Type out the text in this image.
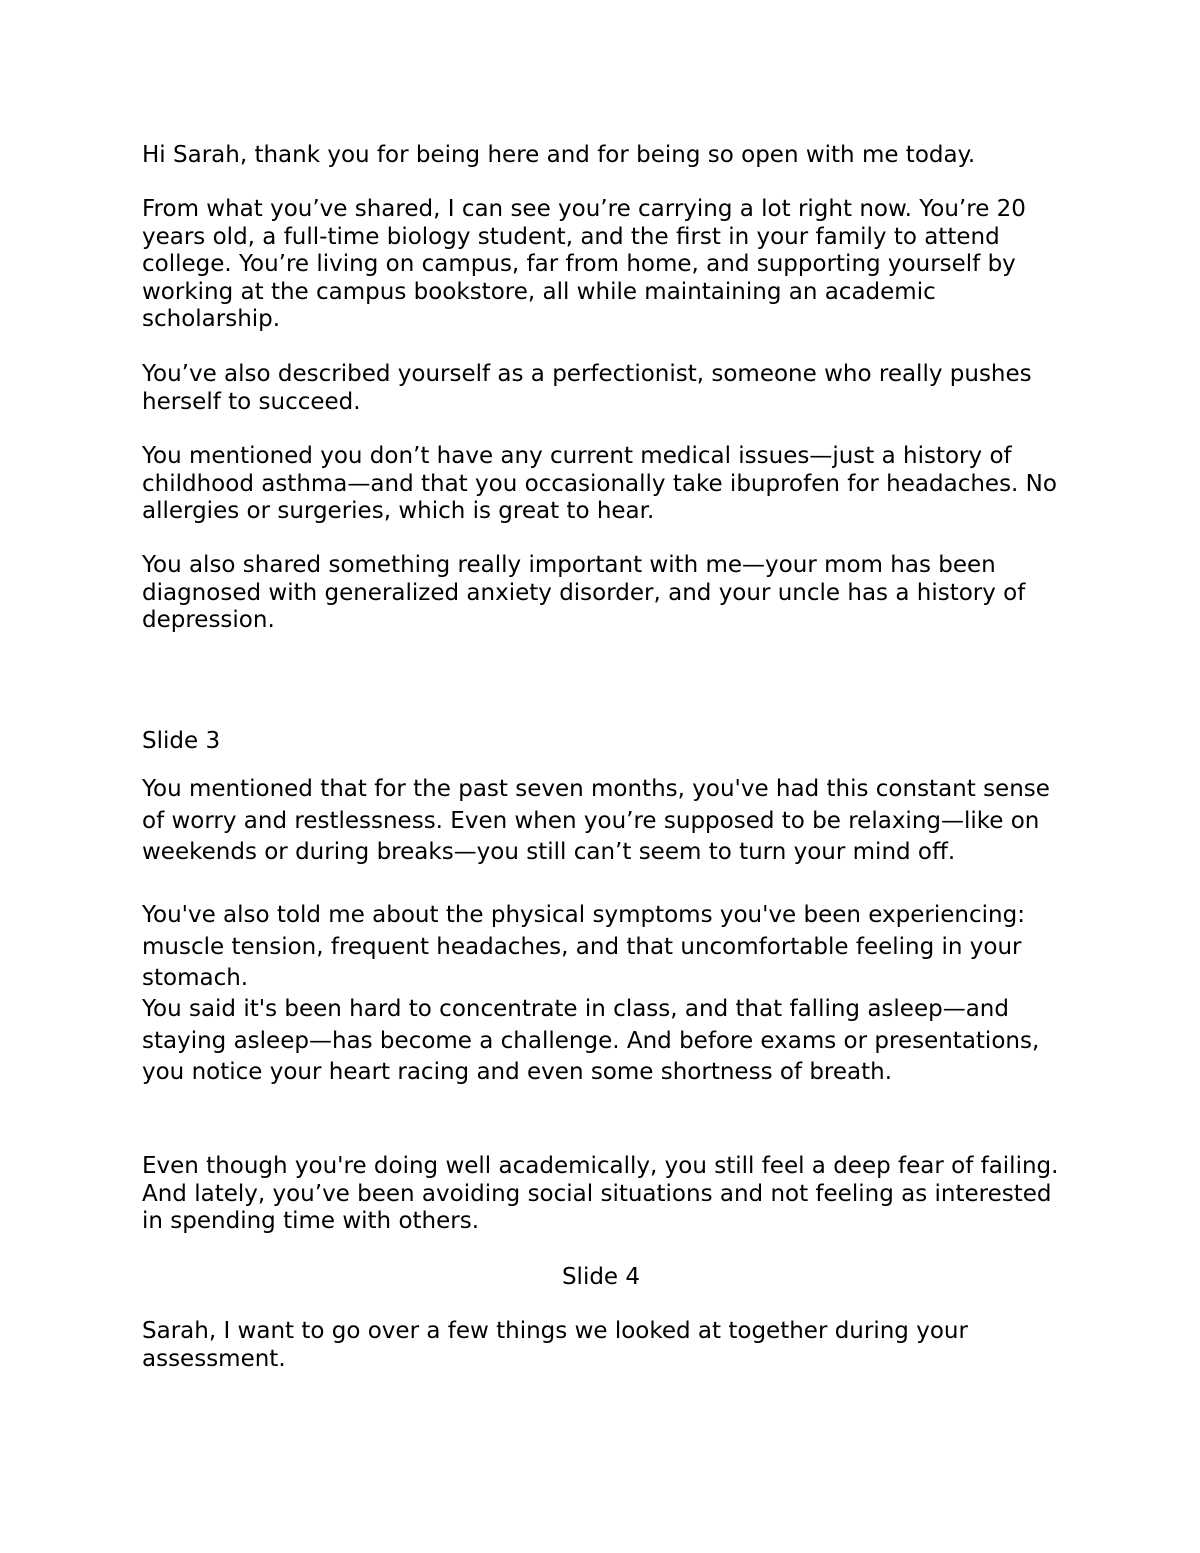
Hi Sarah, thank you for being here and for being so open with me today.

From what you’ve shared, I can see you’re carrying a lot right now. You’re 20 years old, a full-time biology student, and the first in your family to attend college. You’re living on campus, far from home, and supporting yourself by working at the campus bookstore, all while maintaining an academic scholarship.

You’ve also described yourself as a perfectionist, someone who really pushes herself to succeed.

You mentioned you don’t have any current medical issues—just a history of childhood asthma—and that you occasionally take ibuprofen for headaches. No allergies or surgeries, which is great to hear.

You also shared something really important with me—your mom has been diagnosed with generalized anxiety disorder, and your uncle has a history of depression.

Slide 3

You mentioned that for the past seven months, you've had this constant sense of worry and restlessness. Even when you’re supposed to be relaxing—like on weekends or during breaks—you still can’t seem to turn your mind off.

You've also told me about the physical symptoms you've been experiencing: muscle tension, frequent headaches, and that uncomfortable feeling in your stomach.

You said it's been hard to concentrate in class, and that falling asleep—and staying asleep—has become a challenge. And before exams or presentations, you notice your heart racing and even some shortness of breath.

Even though you're doing well academically, you still feel a deep fear of failing. And lately, you’ve been avoiding social situations and not feeling as interested in spending time with others.

Slide 4

Sarah, I want to go over a few things we looked at together during your assessment.
